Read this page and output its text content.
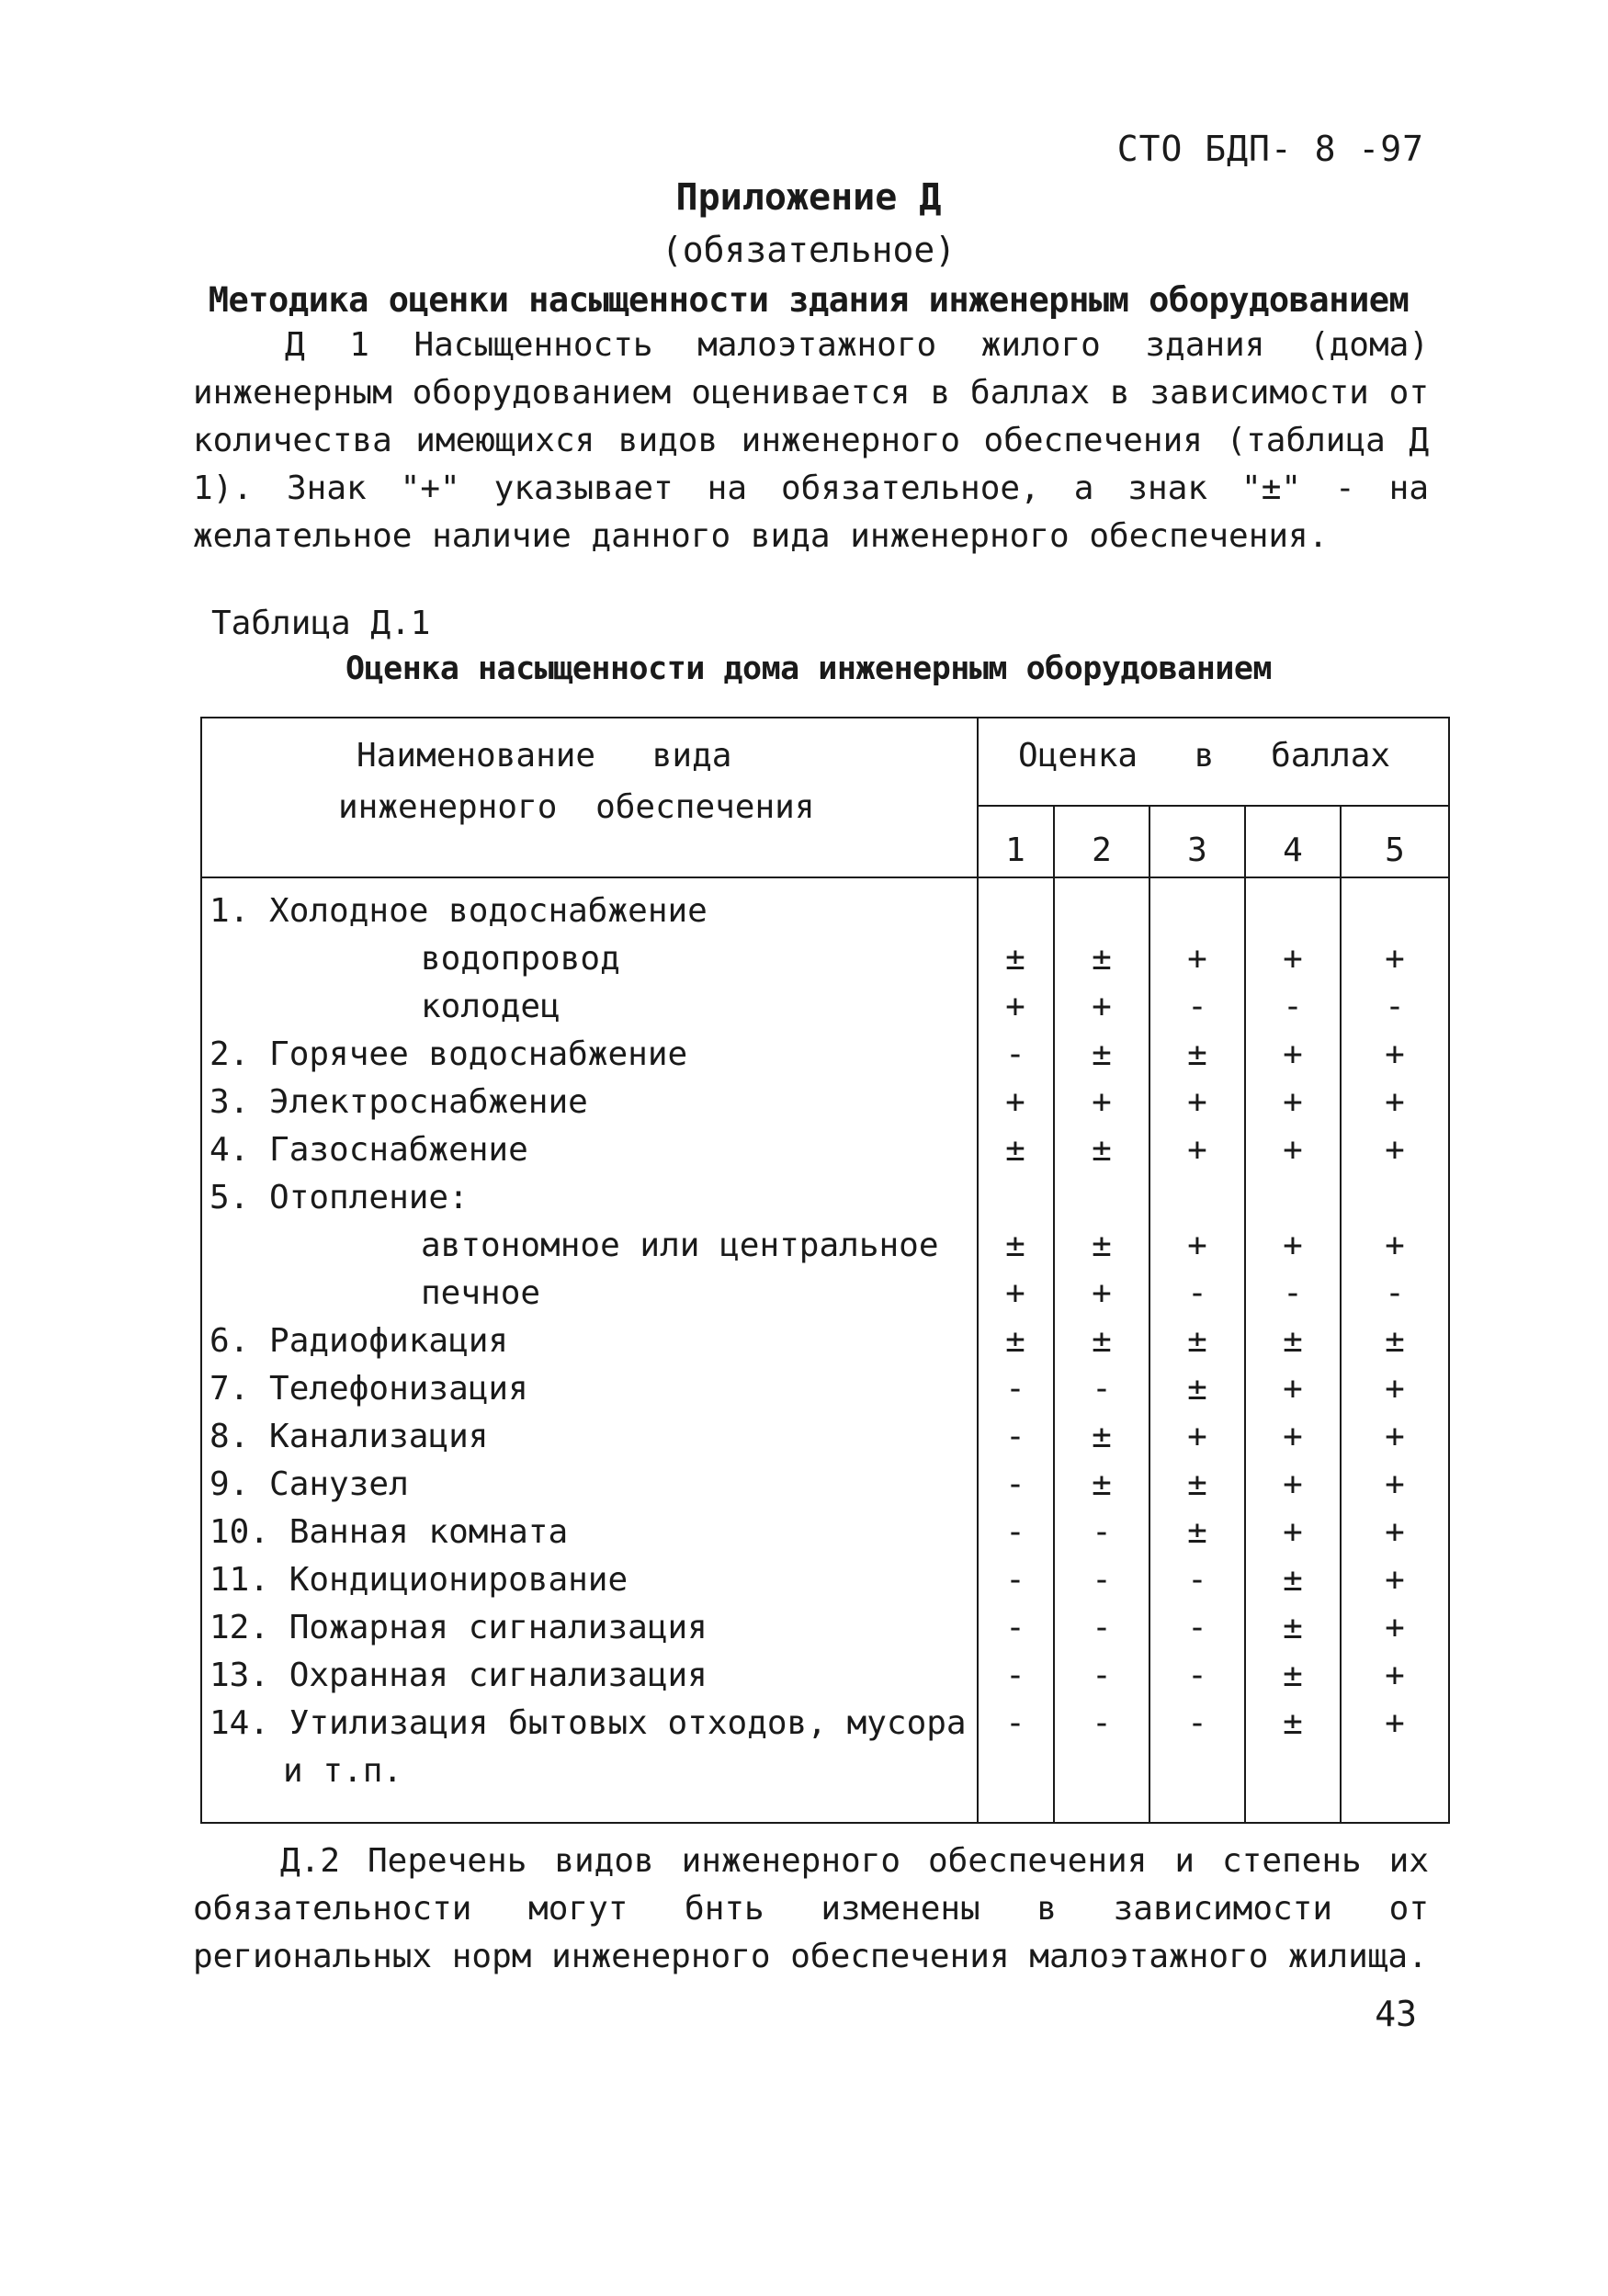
СТО БДП- 8 -97
Приложение Д
(обязательное)
Методика оценки насыщенности здания инженерным оборудованием

Д 1 Насыщенность малоэтажного жилого здания (дома) инженерным оборудованием оценивается в баллах в зависимости от количества имеющихся видов инженерного обеспечения (таблица Д 1). Знак "+" указывает на обязательное, а знак "±" - на желательное наличие данного вида инженерного обеспечения.

Таблица Д.1
Оценка насыщенности дома инженерным оборудованием
Наименование вида
инженерного обеспечения
Оценка в баллах
1	2	3	4	5
1. Холодное водоснабжение
водопровод	±	±	+	+	+
колодец	+	+	-	-	-
2. Горячее водоснабжение	-	±	±	+	+
3. Электроснабжение	+	+	+	+	+
4. Газоснабжение	±	±	+	+	+
5. Отопление:
автономное или центральное	±	±	+	+	+
печное	+	+	-	-	-
6. Радиофикация	±	±	±	±	±
7. Телефонизация	-	-	±	+	+
8. Канализация	-	±	+	+	+
9. Санузел	-	±	±	+	+
10. Ванная комната	-	-	±	+	+
11. Кондиционирование	-	-	-	±	+
12. Пожарная сигнализация	-	-	-	±	+
13. Охранная сигнализация	-	-	-	±	+
14. Утилизация бытовых отходов, мусора	-	-	-	±	+
и т.п.

Д.2 Перечень видов инженерного обеспечения и степень их обязательности могут бнть изменены в зависимости от региональных норм инженерного обеспечения малоэтажного жилища.

43
